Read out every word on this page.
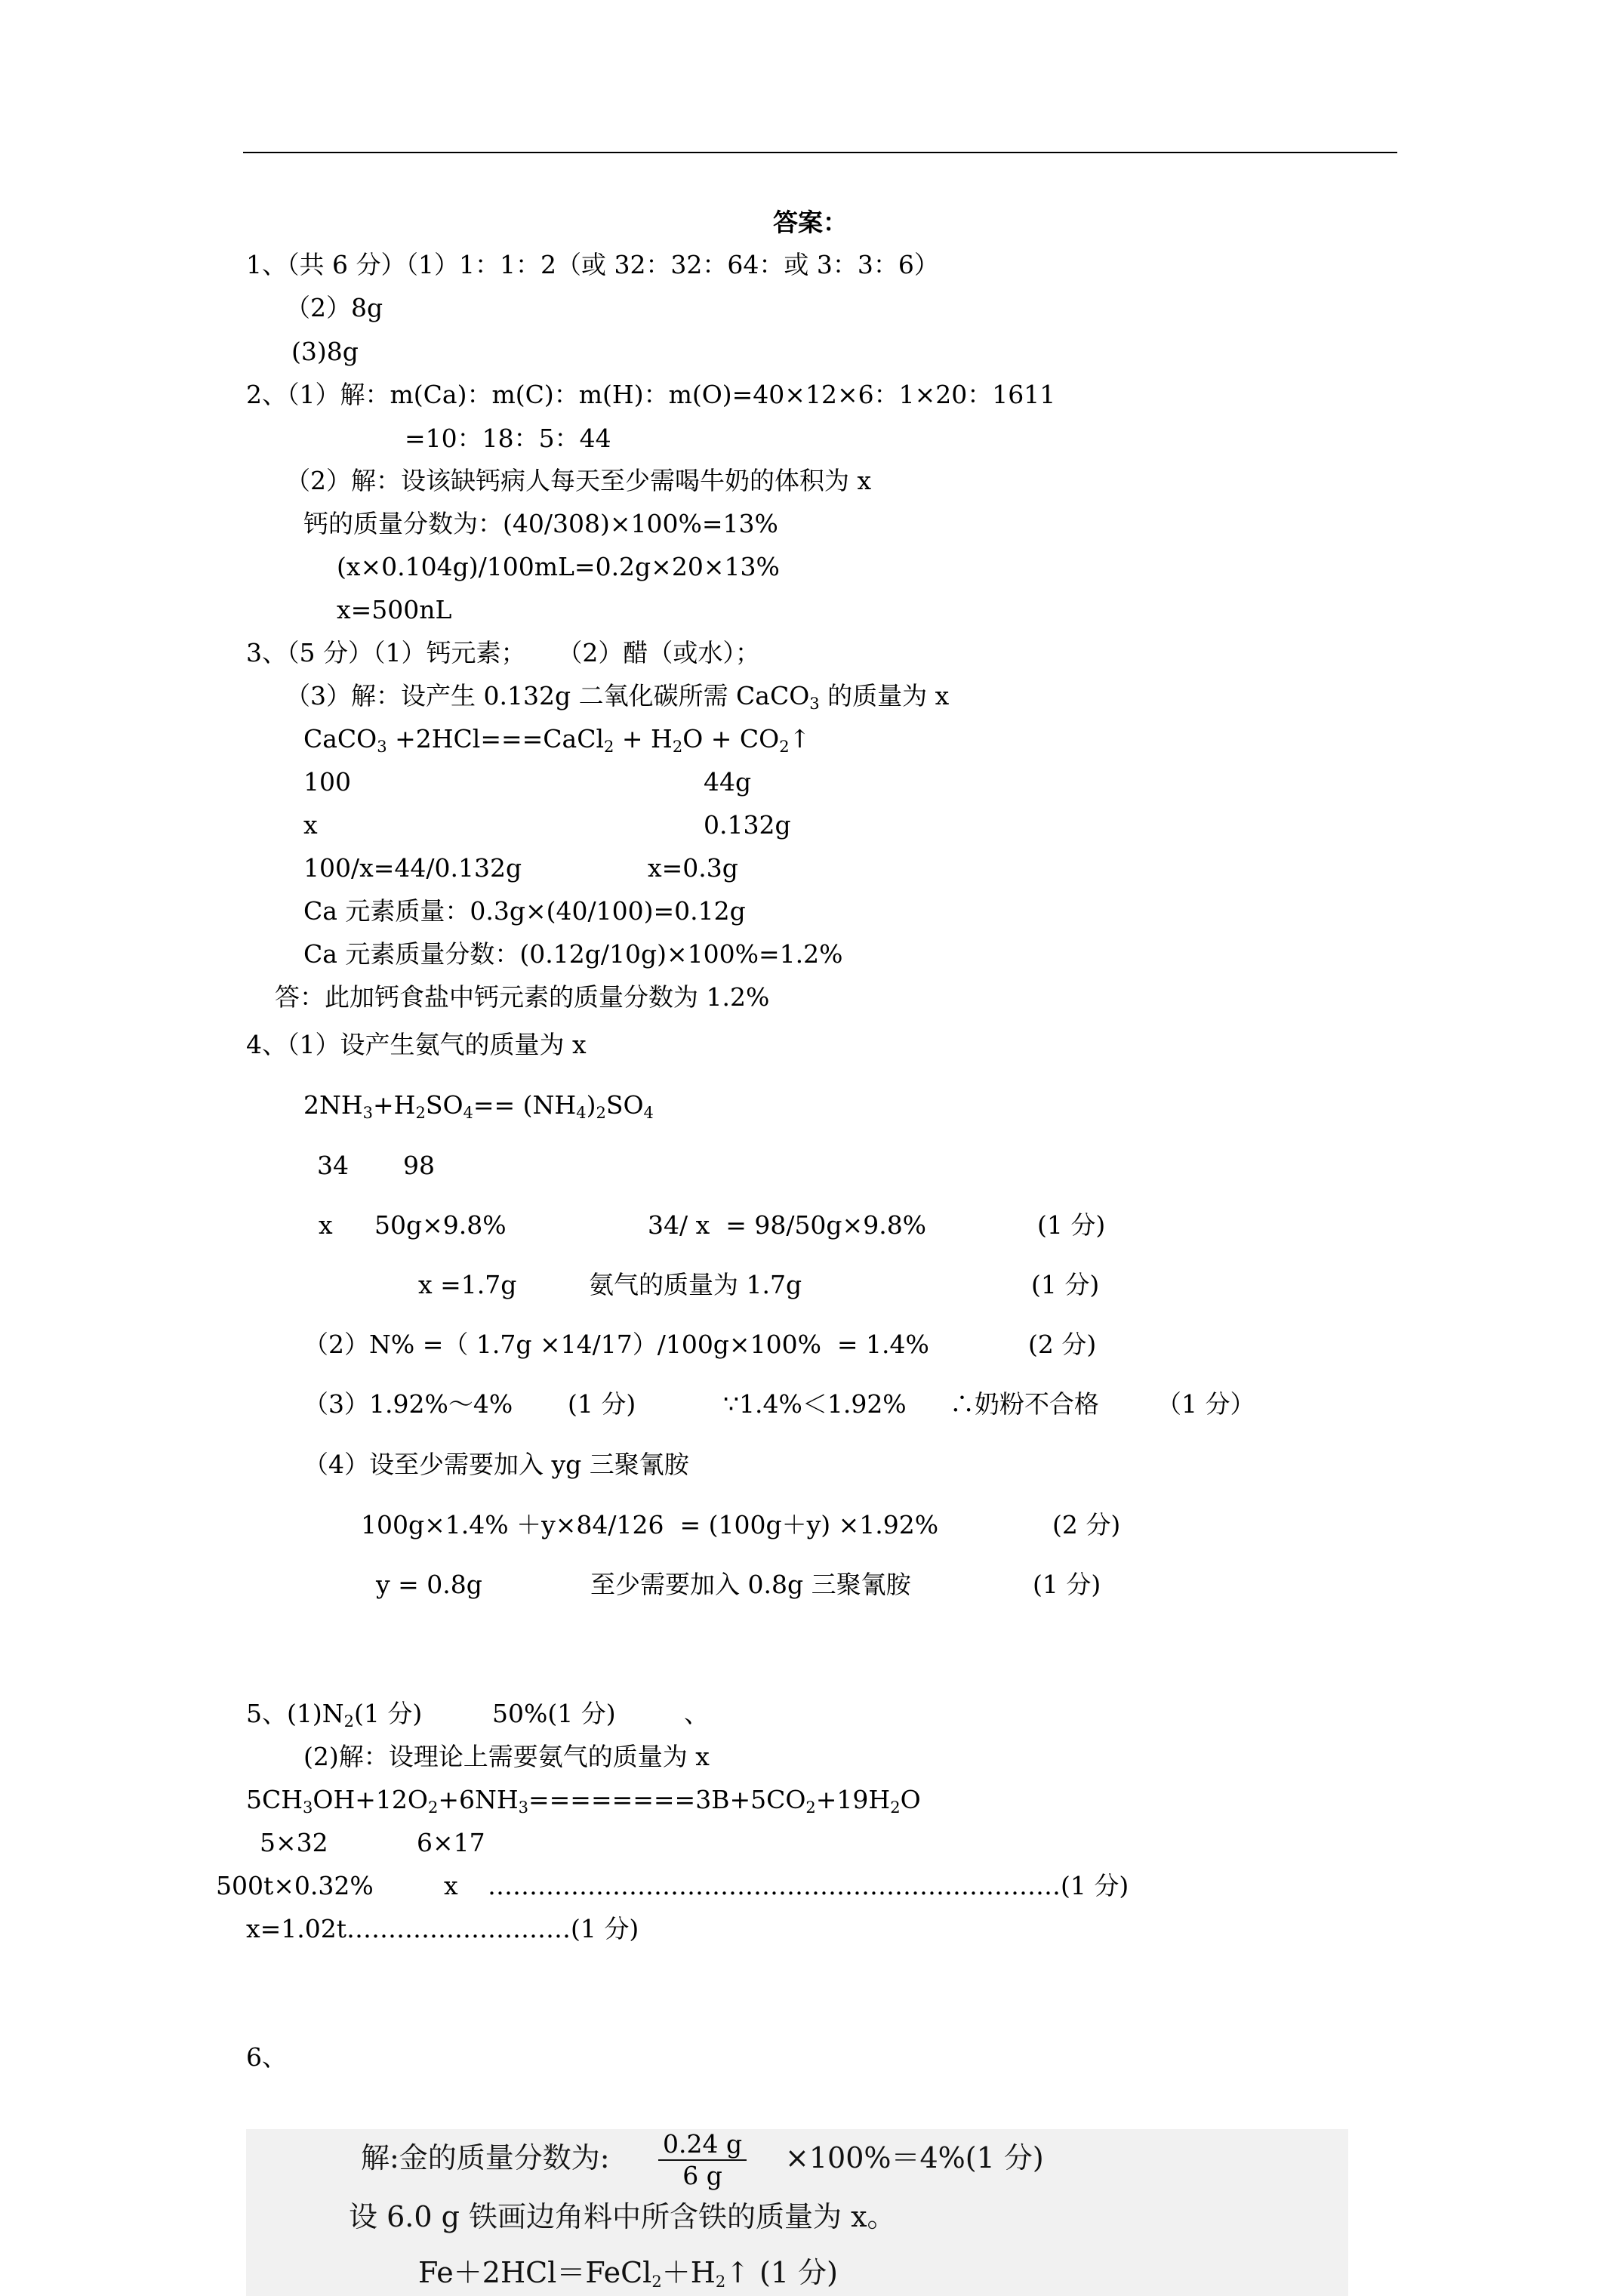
答案：
1、（共 6 分）（1）1：1：2（或 32：32：64：或 3：3：6）
（2）8g
(3)8g
2、（1）解：m(Ca)：m(C)：m(H)：m(O)=40×12×6：1×20：1611
=10：18：5：44
（2）解：设该缺钙病人每天至少需喝牛奶的体积为 x
钙的质量分数为：(40/308)×100%=13%
(x×0.104g)/100mL=0.2g×20×13%
x=500nL
3、（5 分）（1）钙元素；    （2）醋（或水）；
（3）解：设产生 0.132g 二氧化碳所需 CaCO$_3$ 的质量为 x
CaCO$_3$ +2HCl===CaCl$_2$ + $H_2O$ + $CO_2↑$
100	44g
x	0.132g
100/x=44/0.132g	x=0.3g
Ca 元素质量：0.3g×(40/100)=0.12g
Ca 元素质量分数：(0.12g/10g)×100%=1.2%
答：此加钙食盐中钙元素的质量分数为 1.2%
4、（1）设产生氨气的质量为 x
$2NH_3+H_2SO_4== (NH_4)_2SO_4$
34 98
x 50g×9.8%	34/ x  = 98/50g×9.8%	(1 分)
x =1.7g	氨气的质量为 1.7g	(1 分)
（2）N% =（ 1.7g ×14/17）/100g×100%  = 1.4%	(2 分)
（3）1.92%～4% (1 分)	∵1.4%＜1.92% ∴奶粉不合格 （1 分）
（4）设至少需要加入 yg 三聚氰胺
100g×1.4% ＋y×84/126  = (100g＋y) ×1.92%	(2 分)
y = 0.8g	至少需要加入 0.8g 三聚氰胺	(1 分)
5、$(1)N_2(1$ 分)	50%(1 分)	、
(2)解：设理论上需要氨气的质量为 x
$5CH_3OH+12O_2+6NH_3========3B+5CO_2+19H_2O$
5×32	6×17
500t×0.32%	x ……………………………………………………………(1 分)
x=1.02t………………………(1 分)
6、
解:金的质量分数为: $\frac{0.24 g}{6 g} \times 100\%=4\%(1$ 分)
设 6.0 g 铁画边角料中所含铁的质量为 x。
$Fe+2HCl=FeCl_2+H_2↑$ (1 分)
